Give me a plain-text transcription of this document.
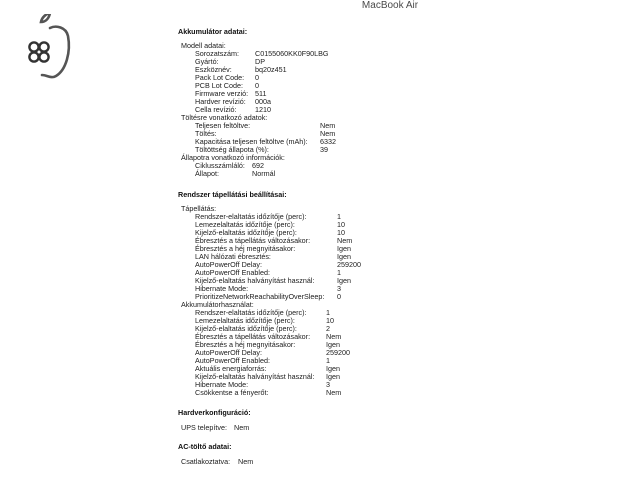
MacBook Air
Akkumulátor adatai:
Modell adatai:
Sorozatszám: C0155060KK0F90LBG
Gyártó:	DP
Eszköznév:	bq20z451
Pack Lot Code: 0
PCB Lot Code: 0
Firmware verzió: 511
Hardver revízió: 000a
Cella revízió:	1210
Töltésre vonatkozó adatok:
Teljesen feltöltve:	Nem
Töltés:	Nem
Kapacitása teljesen feltöltve (mAh): 6332
Töltöttség állapota (%):	39
Állapotra vonatkozó információk:
Ciklusszámláló: 692
Állapot:	Normál
Rendszer tápellátási beállításai:
Tápellátás:
Rendszer-elaltatás időzítője (perc):	1
Lemezelaltatás időzítője (perc):	10
Kijelző-elaltatás időzítője (perc):	10
Ébresztés a tápellátás változásakor:	Nem
Ébresztés a héj megnyitásakor:	Igen
LAN hálózati ébresztés:	Igen
AutoPowerOff Delay:	259200
AutoPowerOff Enabled:	1
Kijelző-elaltatás halványítást használ:	Igen
Hibernate Mode:	3
PrioritizeNetworkReachabilityOverSleep: 0
Akkumulátorhasználat:
Rendszer-elaltatás időzítője (perc):	1
Lemezelaltatás időzítője (perc):	10
Kijelző-elaltatás időzítője (perc):	2
Ébresztés a tápellátás változásakor: Nem
Ébresztés a héj megnyitásakor:	Igen
AutoPowerOff Delay:	259200
AutoPowerOff Enabled:	1
Aktuális energiaforrás:	Igen
Kijelző-elaltatás halványítást használ: Igen
Hibernate Mode:	3
Csökkentse a fényerőt:	Nem
Hardverkonfiguráció:
UPS telepítve: Nem
AC-töltő adatai:
Csatlakoztatva: Nem
